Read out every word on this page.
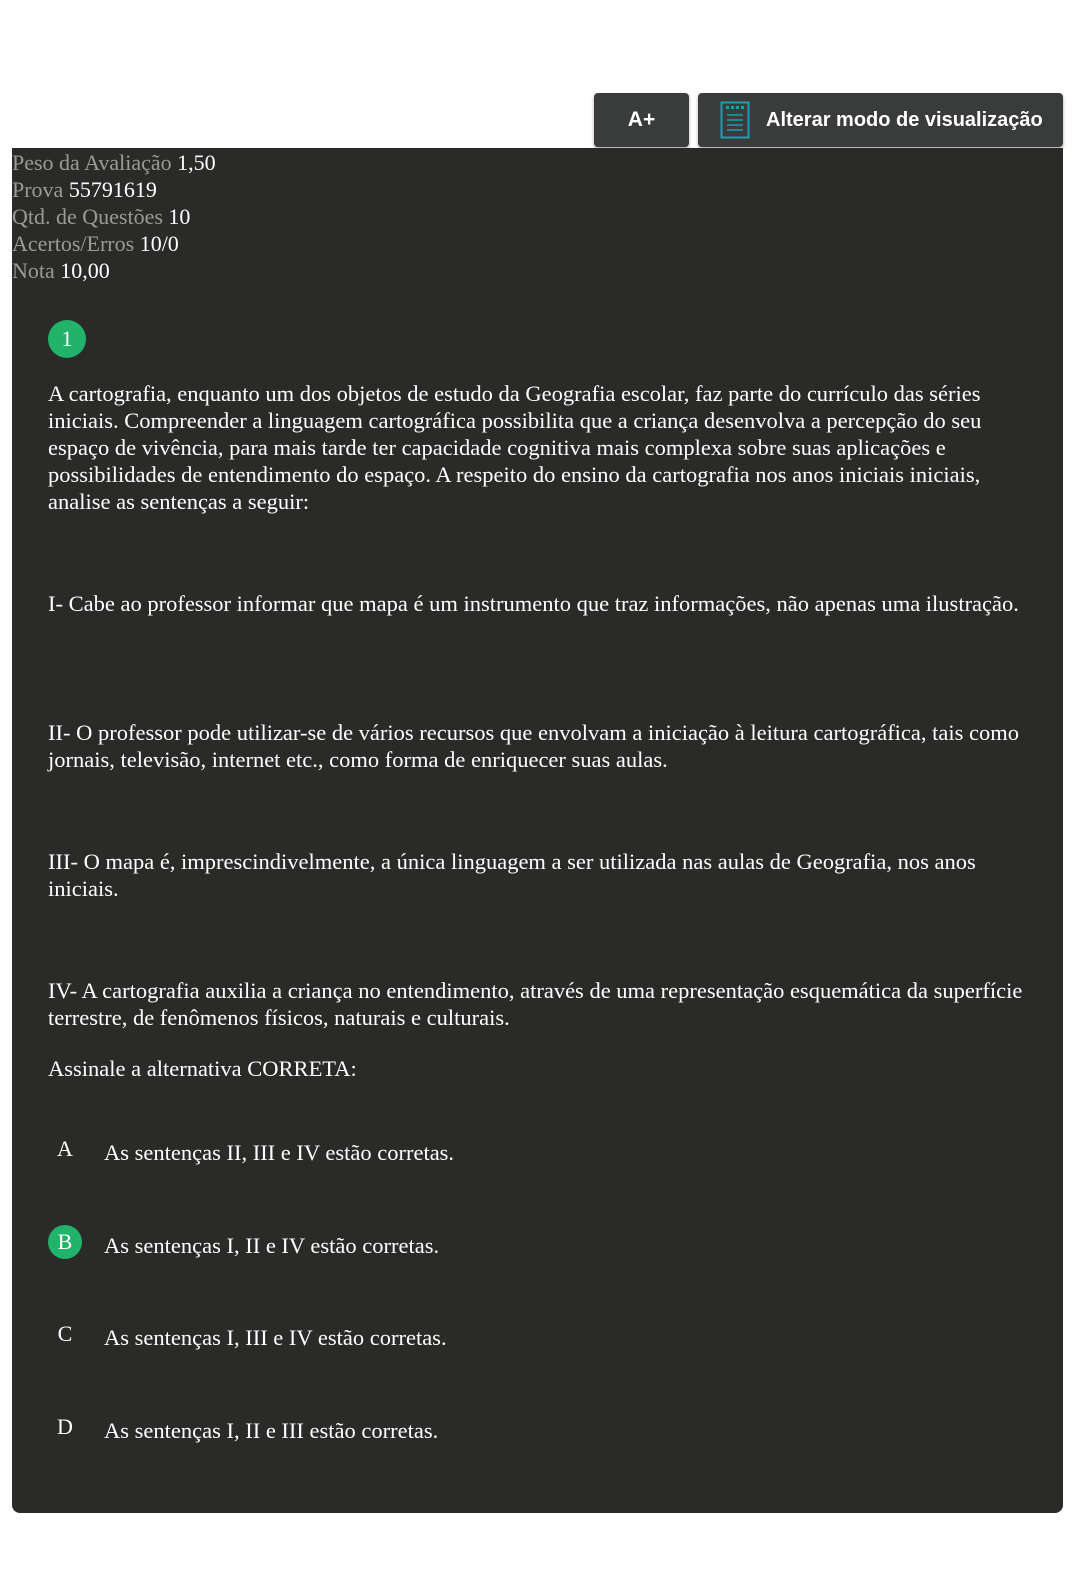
A+	Alterar modo de visualização
Peso da Avaliação 1,50
Prova 55791619
Qtd. de Questões 10
Acertos/Erros 10/0
Nota 10,00
1

A cartografia, enquanto um dos objetos de estudo da Geografia escolar, faz parte do currículo das séries iniciais. Compreender a linguagem cartográfica possibilita que a criança desenvolva a percepção do seu espaço de vivência, para mais tarde ter capacidade cognitiva mais complexa sobre suas aplicações e possibilidades de entendimento do espaço. A respeito do ensino da cartografia nos anos iniciais iniciais, analise as sentenças a seguir:

I- Cabe ao professor informar que mapa é um instrumento que traz informações, não apenas uma ilustração.

II- O professor pode utilizar-se de vários recursos que envolvam a iniciação à leitura cartográfica, tais como jornais, televisão, internet etc., como forma de enriquecer suas aulas.

III- O mapa é, imprescindivelmente, a única linguagem a ser utilizada nas aulas de Geografia, nos anos iniciais.

IV- A cartografia auxilia a criança no entendimento, através de uma representação esquemática da superfície terrestre, de fenômenos físicos, naturais e culturais.

Assinale a alternativa CORRETA:

A	As sentenças II, III e IV estão corretas.
B	As sentenças I, II e IV estão corretas.
C	As sentenças I, III e IV estão corretas.
D	As sentenças I, II e III estão corretas.
